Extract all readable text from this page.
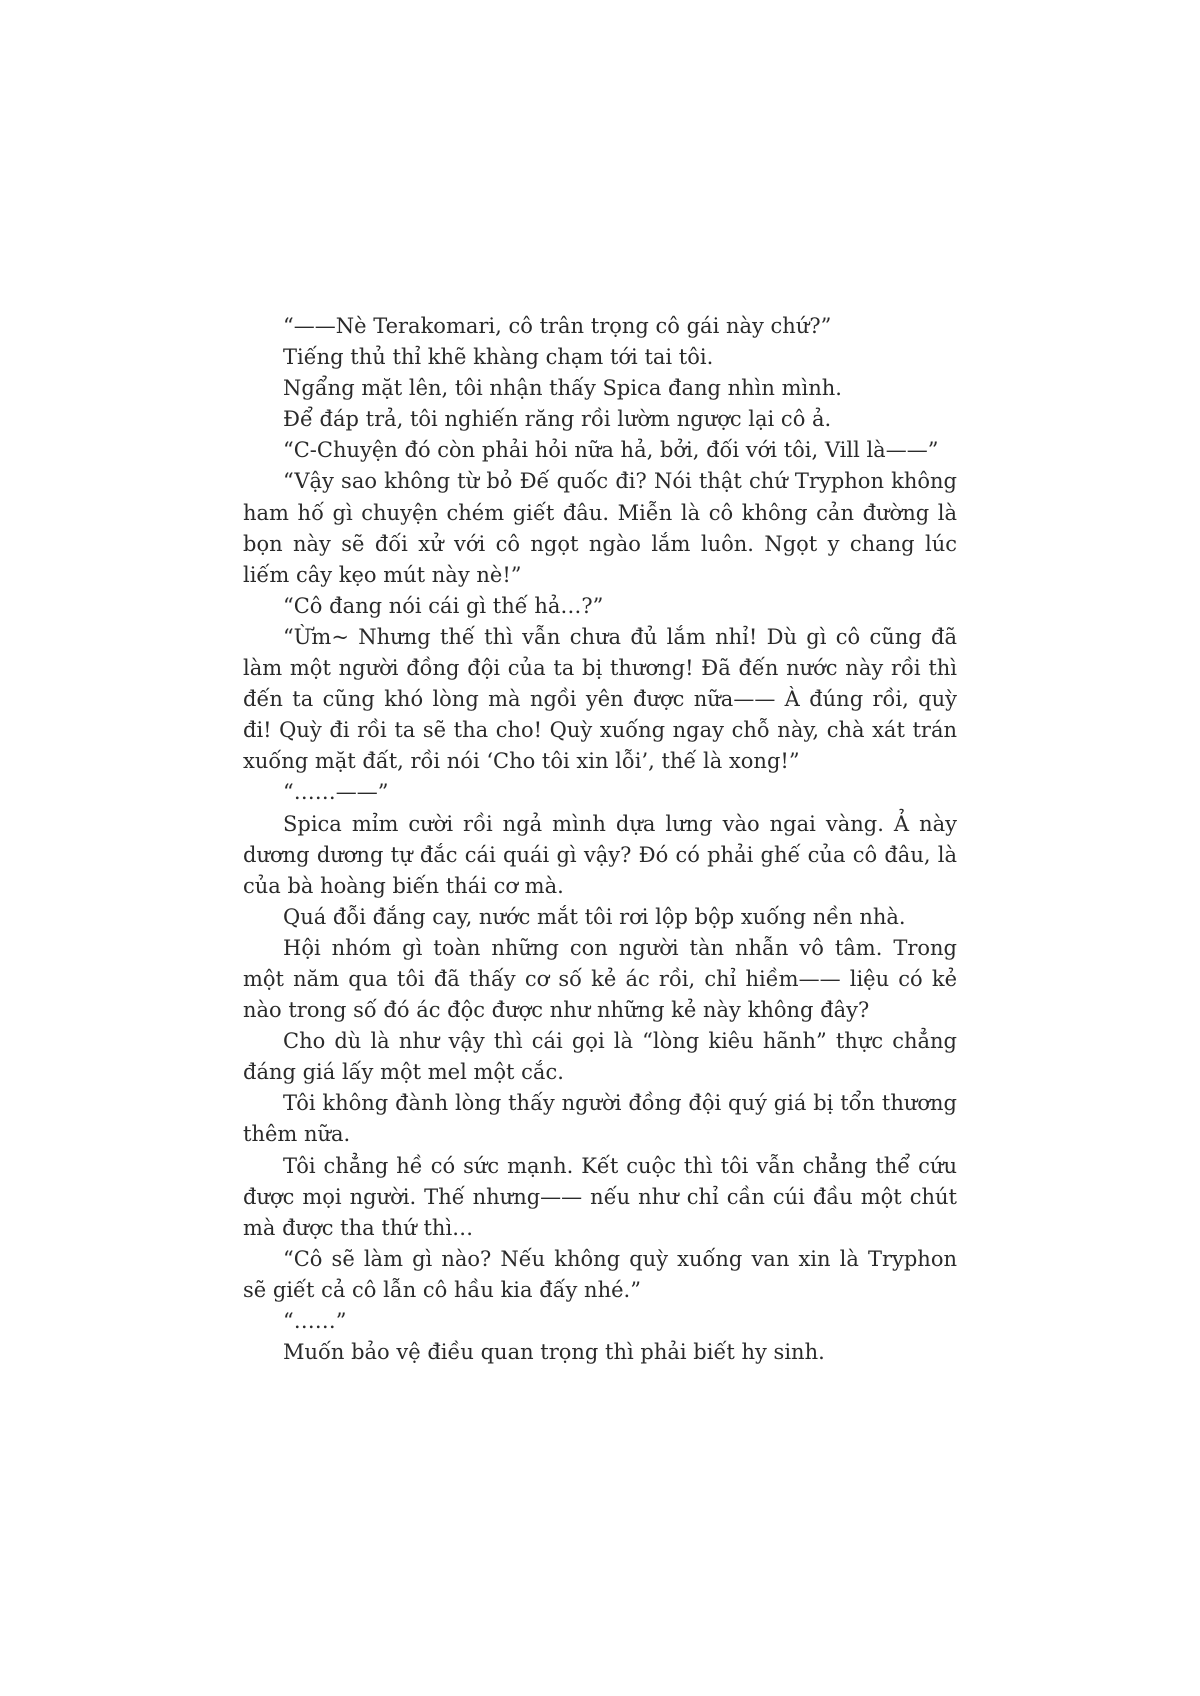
“——Nè Terakomari, cô trân trọng cô gái này chứ?”

Tiếng thủ thỉ khẽ khàng chạm tới tai tôi.

Ngẩng mặt lên, tôi nhận thấy Spica đang nhìn mình.

Để đáp trả, tôi nghiến răng rồi lườm ngược lại cô ả.

“C-Chuyện đó còn phải hỏi nữa hả, bởi, đối với tôi, Vill là——”

“Vậy sao không từ bỏ Đế quốc đi? Nói thật chứ Tryphon không ham hố gì chuyện chém giết đâu. Miễn là cô không cản đường là bọn này sẽ đối xử với cô ngọt ngào lắm luôn. Ngọt y chang lúc liếm cây kẹo mút này nè!”

“Cô đang nói cái gì thế hả…?”

“Ừm~ Nhưng thế thì vẫn chưa đủ lắm nhỉ! Dù gì cô cũng đã làm một người đồng đội của ta bị thương! Đã đến nước này rồi thì đến ta cũng khó lòng mà ngồi yên được nữa—— À đúng rồi, quỳ đi! Quỳ đi rồi ta sẽ tha cho! Quỳ xuống ngay chỗ này, chà xát trán xuống mặt đất, rồi nói ‘Cho tôi xin lỗi’, thế là xong!”

“……——”

Spica mỉm cười rồi ngả mình dựa lưng vào ngai vàng. Ả này dương dương tự đắc cái quái gì vậy? Đó có phải ghế của cô đâu, là của bà hoàng biến thái cơ mà.

Quá đỗi đắng cay, nước mắt tôi rơi lộp bộp xuống nền nhà.

Hội nhóm gì toàn những con người tàn nhẫn vô tâm. Trong một năm qua tôi đã thấy cơ số kẻ ác rồi, chỉ hiềm—— liệu có kẻ nào trong số đó ác độc được như những kẻ này không đây?

Cho dù là như vậy thì cái gọi là “lòng kiêu hãnh” thực chẳng đáng giá lấy một mel một cắc.

Tôi không đành lòng thấy người đồng đội quý giá bị tổn thương thêm nữa.

Tôi chẳng hề có sức mạnh. Kết cuộc thì tôi vẫn chẳng thể cứu được mọi người. Thế nhưng—— nếu như chỉ cần cúi đầu một chút mà được tha thứ thì…

“Cô sẽ làm gì nào? Nếu không quỳ xuống van xin là Tryphon sẽ giết cả cô lẫn cô hầu kia đấy nhé.”

“……”

Muốn bảo vệ điều quan trọng thì phải biết hy sinh.
